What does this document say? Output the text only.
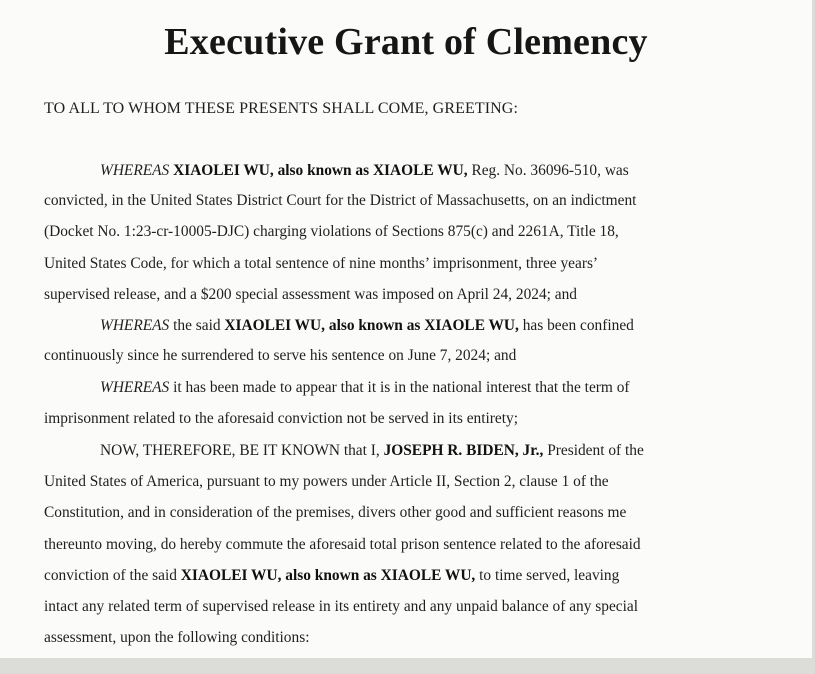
Executive Grant of Clemency
TO ALL TO WHOM THESE PRESENTS SHALL COME, GREETING:
WHEREAS XIAOLEI WU, also known as XIAOLE WU, Reg. No. 36096-510, was
convicted, in the United States District Court for the District of Massachusetts, on an indictment
(Docket No. 1:23-cr-10005-DJC) charging violations of Sections 875(c) and 2261A, Title 18,
United States Code, for which a total sentence of nine months’ imprisonment, three years’
supervised release, and a $200 special assessment was imposed on April 24, 2024; and
WHEREAS the said XIAOLEI WU, also known as XIAOLE WU, has been confined
continuously since he surrendered to serve his sentence on June 7, 2024; and
WHEREAS it has been made to appear that it is in the national interest that the term of
imprisonment related to the aforesaid conviction not be served in its entirety;
NOW, THEREFORE, BE IT KNOWN that I, JOSEPH R. BIDEN, Jr., President of the
United States of America, pursuant to my powers under Article II, Section 2, clause 1 of the
Constitution, and in consideration of the premises, divers other good and sufficient reasons me
thereunto moving, do hereby commute the aforesaid total prison sentence related to the aforesaid
conviction of the said XIAOLEI WU, also known as XIAOLE WU, to time served, leaving
intact any related term of supervised release in its entirety and any unpaid balance of any special
assessment, upon the following conditions:
